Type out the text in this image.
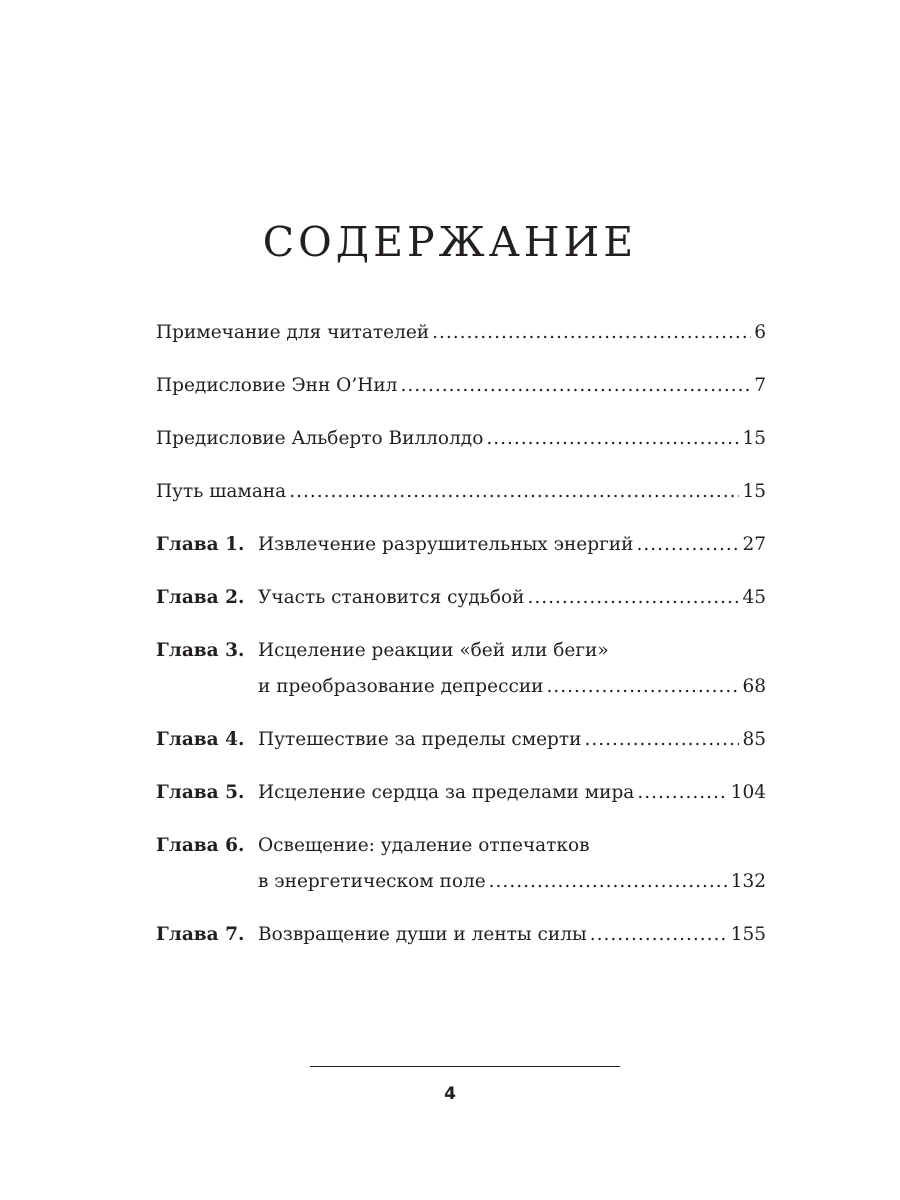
СОДЕРЖАНИЕ
Примечание для читателей .....	6
Предисловие Энн О’Нил .....	7
Предисловие Альберто Виллолдо .....	15
Путь шамана .....	15
Глава 1. Извлечение разрушительных энергий .....	27
Глава 2. Участь становится судьбой .....	45
Глава 3. Исцеление реакции «бей или беги»
и преобразование депрессии .....	68
Глава 4. Путешествие за пределы смерти .....	85
Глава 5. Исцеление сердца за пределами мира .....	104
Глава 6. Освещение: удаление отпечатков
в энергетическом поле .....	132
Глава 7. Возвращение души и ленты силы .....	155
4
